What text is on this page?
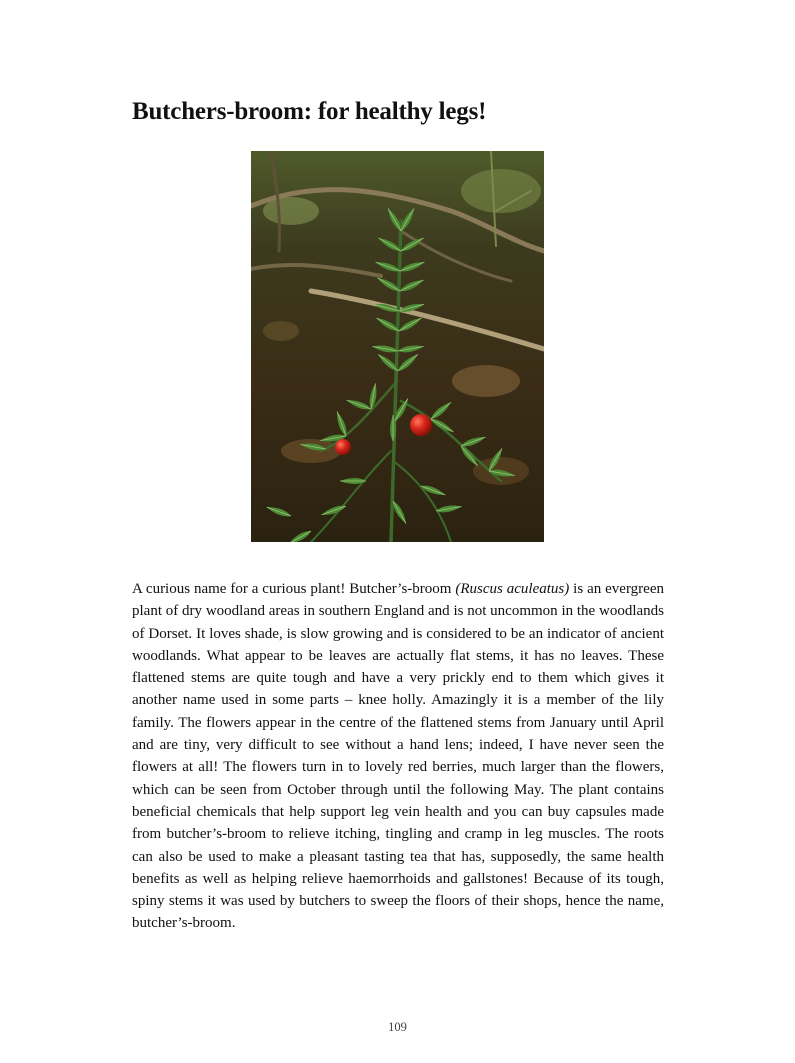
Butchers-broom: for healthy legs!

A curious name for a curious plant! Butcher’s-broom (Ruscus aculeatus) is an evergreen plant of dry woodland areas in southern England and is not uncommon in the woodlands of Dorset. It loves shade, is slow growing and is considered to be an indicator of ancient woodlands. What appear to be leaves are actually flat stems, it has no leaves. These flattened stems are quite tough and have a very prickly end to them which gives it another name used in some parts – knee holly. Amazingly it is a member of the lily family. The flowers appear in the centre of the flattened stems from January until April and are tiny, very difficult to see without a hand lens; indeed, I have never seen the flowers at all! The flowers turn in to lovely red berries, much larger than the flowers, which can be seen from October through until the following May. The plant contains beneficial chemicals that help support leg vein health and you can buy capsules made from butcher’s-broom to relieve itching, tingling and cramp in leg muscles. The roots can also be used to make a pleasant tasting tea that has, supposedly, the same health benefits as well as helping relieve haemorrhoids and gallstones! Because of its tough, spiny stems it was used by butchers to sweep the floors of their shops, hence the name, butcher’s-broom.

109
